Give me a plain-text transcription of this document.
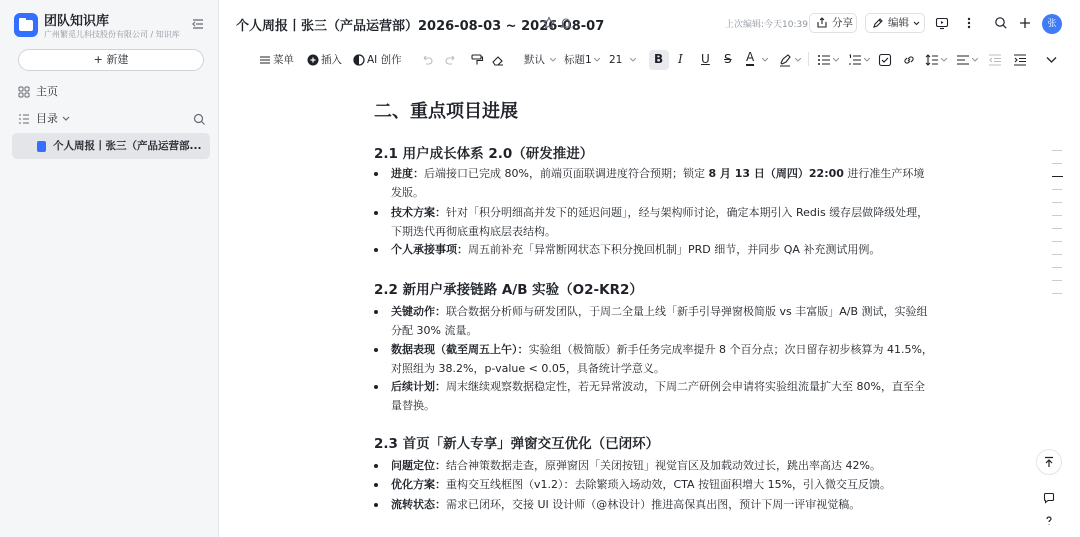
团队知识库
广州繁觅儿科技股份有限公司 / 知识库
+ 新建
主页
目录
个人周报丨张三（产品运营部...
个人周报丨张三（产品运营部）2026-08-03 ~ 2026-08-07	上次编辑:今天10:39	分享	编辑	张
菜单	插入 AI 创作	默认 标题1 21	B I U S A
二、重点项目进展
2.1 用户成长体系 2.0（研发推进）
进度：后端接口已完成 80%，前端页面联调进度符合预期；锁定 8 月 13 日（周四）22:00 进行准生产环境发版。
技术方案：针对「积分明细高并发下的延迟问题」，经与架构师讨论，确定本期引入 Redis 缓存层做降级处理，下期迭代再彻底重构底层表结构。
个人承接事项：周五前补充「异常断网状态下积分挽回机制」PRD 细节，并同步 QA 补充测试用例。
2.2 新用户承接链路 A/B 实验（O2-KR2）
关键动作：联合数据分析师与研发团队，于周二全量上线「新手引导弹窗极简版 vs 丰富版」A/B 测试，实验组分配 30% 流量。
数据表现（截至周五上午）：实验组（极简版）新手任务完成率提升 8 个百分点；次日留存初步核算为 41.5%，对照组为 38.2%，p-value < 0.05，具备统计学意义。
后续计划：周末继续观察数据稳定性，若无异常波动，下周二产研例会申请将实验组流量扩大至 80%，直至全量替换。
2.3 首页「新人专享」弹窗交互优化（已闭环）
问题定位：结合神策数据走查，原弹窗因「关闭按钮」视觉盲区及加载动效过长，跳出率高达 42%。
优化方案：重构交互线框图（v1.2）：去除繁琐入场动效，CTA 按钮面积增大 15%，引入微交互反馈。
流转状态：需求已闭环，交接 UI 设计师（@林设计）推进高保真出图，预计下周一评审视觉稿。
